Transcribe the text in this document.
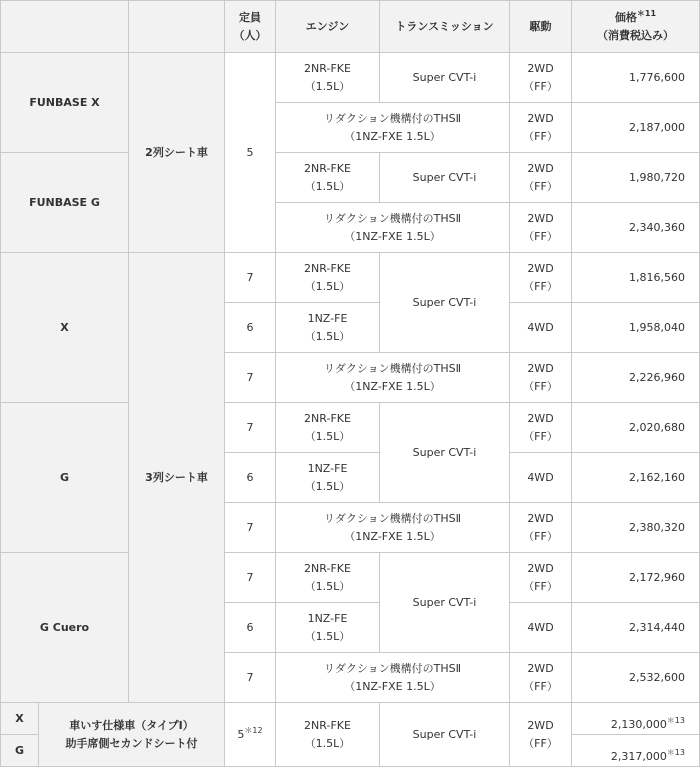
			定員
（人）	エンジン	トランスミッション	駆動	価格$^{*11}$
（消費税込み）
FUNBASE X		2列シート車	5	2NR-FKE
（1.5L）	Super CVT-i	2WD
（FF）	1,776,600
				リダクション機構付のTHSⅡ
（1NZ-FXE 1.5L）		2WD
（FF）	2,187,000
FUNBASE G				2NR-FKE
（1.5L）	Super CVT-i	2WD
（FF）	1,980,720
				リダクション機構付のTHSⅡ
（1NZ-FXE 1.5L）		2WD
（FF）	2,340,360
X		3列シート車	7	2NR-FKE
（1.5L）	Super CVT-i	2WD
（FF）	1,816,560
			6	1NZ-FE
（1.5L）		4WD	1,958,040
			7	リダクション機構付のTHSⅡ
（1NZ-FXE 1.5L）		2WD
（FF）	2,226,960
G			7	2NR-FKE
（1.5L）	Super CVT-i	2WD
（FF）	2,020,680
			6	1NZ-FE
（1.5L）		4WD	2,162,160
			7	リダクション機構付のTHSⅡ
（1NZ-FXE 1.5L）		2WD
（FF）	2,380,320
G Cuero			7	2NR-FKE
（1.5L）	Super CVT-i	2WD
（FF）	2,172,960
			6	1NZ-FE
（1.5L）		4WD	2,314,440
			7	リダクション機構付のTHSⅡ
（1NZ-FXE 1.5L）		2WD
（FF）	2,532,600
X	車いす仕様車（タイプⅠ）
助手席側セカンドシート付		$5^{*12}$	2NR-FKE
（1.5L）	Super CVT-i	2WD
（FF）	$2,130,000^{*13}$
G							$2,317,000^{*13}$
